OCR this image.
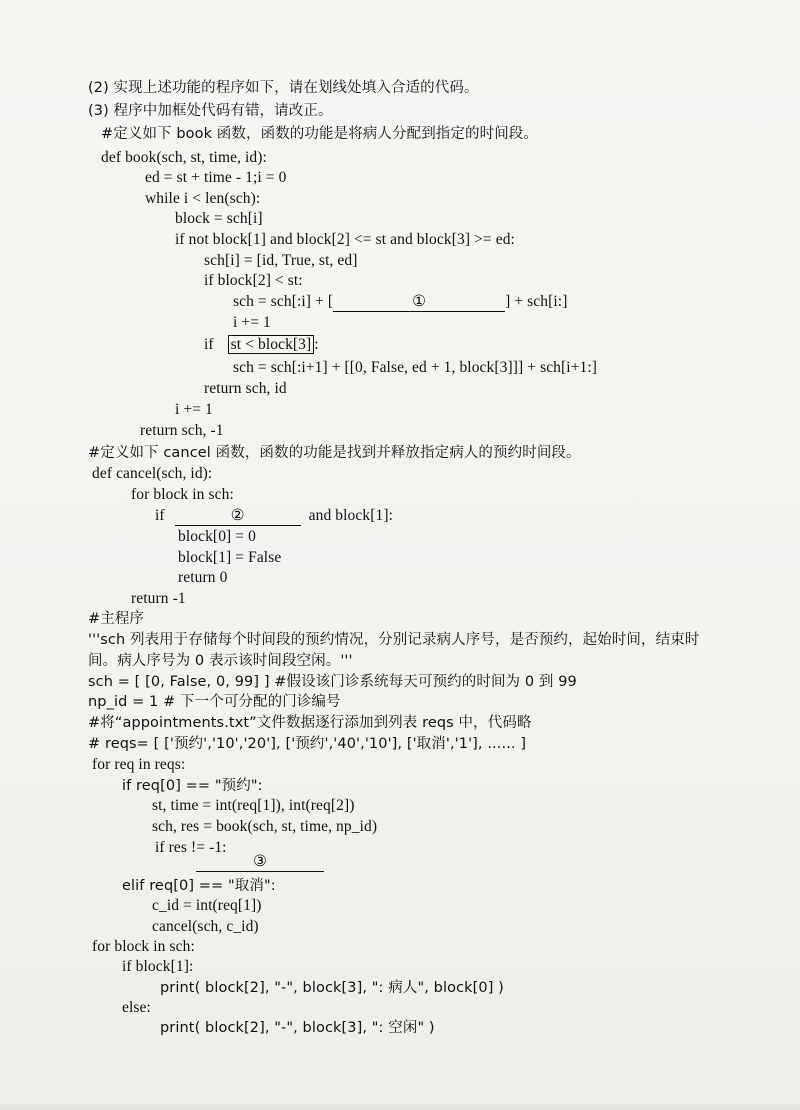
(2) 实现上述功能的程序如下，请在划线处填入合适的代码。
(3) 程序中加框处代码有错，请改正。
#定义如下 book 函数，函数的功能是将病人分配到指定的时间段。
def book(sch, st, time, id):
ed = st + time - 1;i = 0
while i < len(sch):
block = sch[i]
if not block[1] and block[2] <= st and block[3] >= ed:
sch[i] = [id, True, st, ed]
if block[2] < st:
sch = sch[:i] + [	①	] + sch[i:]
i += 1
if st < block[3] :
sch = sch[:i+1] + [[0, False, ed + 1, block[3]]] + sch[i+1:]
return sch, id
i += 1
return sch, -1
#定义如下 cancel 函数，函数的功能是找到并释放指定病人的预约时间段。
def cancel(sch, id):
for block in sch:
if	②	and block[1]:
block[0] = 0
block[1] = False
return 0
return -1
#主程序
'''sch 列表用于存储每个时间段的预约情况，分别记录病人序号，是否预约，起始时间，结束时
间。病人序号为 0 表示该时间段空闲。'''
sch = [ [0, False, 0, 99] ] #假设该门诊系统每天可预约的时间为 0 到 99
np_id = 1 # 下一个可分配的门诊编号
#将“appointments.txt”文件数据逐行添加到列表 reqs 中，代码略
# reqs= [ ['预约','10','20'], ['预约','40','10'], ['取消','1'], ...... ]
for req in reqs:
if req[0] == "预约":
st, time = int(req[1]), int(req[2])
sch, res = book(sch, st, time, np_id)
if res != -1:
③
elif req[0] == "取消":
c_id = int(req[1])
cancel(sch, c_id)
for block in sch:
if block[1]:
print( block[2], "-", block[3], ": 病人", block[0] )
else:
print( block[2], "-", block[3], ": 空闲" )
